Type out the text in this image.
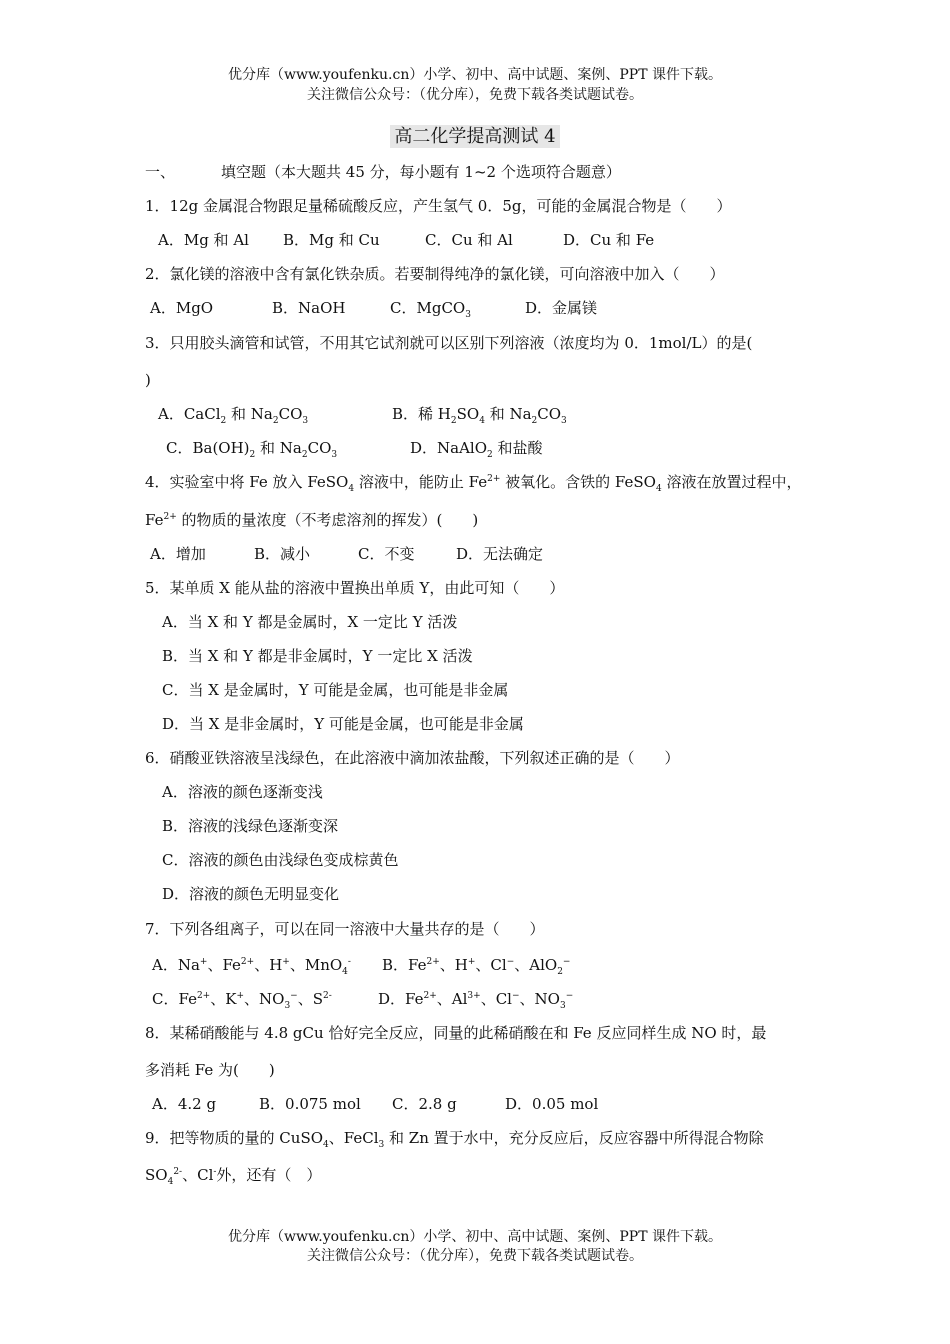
优分库（www.youfenku.cn）小学、初中、高中试题、案例、PPT 课件下载。
关注微信公众号：（优分库），免费下载各类试题试卷。
高二化学提高测试 4
一、	填空题（本大题共 45 分，每小题有 1~2 个选项符合题意）
1．12g 金属混合物跟足量稀硫酸反应，产生氢气 0．5g，可能的金属混合物是（　　）
A．Mg 和 Al B．Mg 和 Cu	C．Cu 和 Al	D．Cu 和 Fe
2．氯化镁的溶液中含有氯化铁杂质。若要制得纯净的氯化镁，可向溶液中加入（　　）
A．MgO	B．NaOH	C．MgCO$_3$	D．金属镁
3．只用胶头滴管和试管，不用其它试剂就可以区别下列溶液（浓度均为 0．1mol/L）的是(
)
A．CaCl$_2$ 和 $Na_2CO_3$	B．稀 $H_2SO_4$ 和 $Na_2CO_3$
C．$Ba(OH)_2$ 和 $Na_2CO_3$	D．NaAlO$_2$ 和盐酸
4．实验室中将 Fe 放入 FeSO$_4$ 溶液中，能防止 $Fe^{2+}$ 被氧化。含铁的 FeSO$_4$ 溶液在放置过程中，
$Fe^{2+}$ 的物质的量浓度（不考虑溶剂的挥发）(　　)
A．增加	B．减小	C．不变	D．无法确定
5．某单质 X 能从盐的溶液中置换出单质 Y，由此可知（　　）
A．当 X 和 Y 都是金属时，X 一定比 Y 活泼
B．当 X 和 Y 都是非金属时，Y 一定比 X 活泼
C．当 X 是金属时，Y 可能是金属，也可能是非金属
D．当 X 是非金属时，Y 可能是金属，也可能是非金属
6．硝酸亚铁溶液呈浅绿色，在此溶液中滴加浓盐酸，下列叙述正确的是（　　）
A．溶液的颜色逐渐变浅
B．溶液的浅绿色逐渐变深
C．溶液的颜色由浅绿色变成棕黄色
D．溶液的颜色无明显变化
7．下列各组离子，可以在同一溶液中大量共存的是（　　）
A．Na+、$Fe^{2+}$、H+、MnO$_4$- B．$Fe^{2+}$、H+、Cl−、AlO$_2$−
C．$Fe^{2+}$、K+、$NO_3^-$、$S^{2-}$	D．$Fe^{2+}$、$Al^{3+}$、Cl−、$NO_3^-$
8．某稀硝酸能与 4.8 gCu 恰好完全反应，同量的此稀硝酸在和 Fe 反应同样生成 NO 时，最
多消耗 Fe 为(　　)
A．4.2 g	B．0.075 mol C．2.8 g	D．0.05 mol
9．把等物质的量的 CuSO$_4$、FeCl$_3$ 和 Zn 置于水中，充分反应后，反应容器中所得混合物除
$SO_4^{2-}$、Cl-外，还有（　）
优分库（www.youfenku.cn）小学、初中、高中试题、案例、PPT 课件下载。
关注微信公众号：（优分库），免费下载各类试题试卷。
